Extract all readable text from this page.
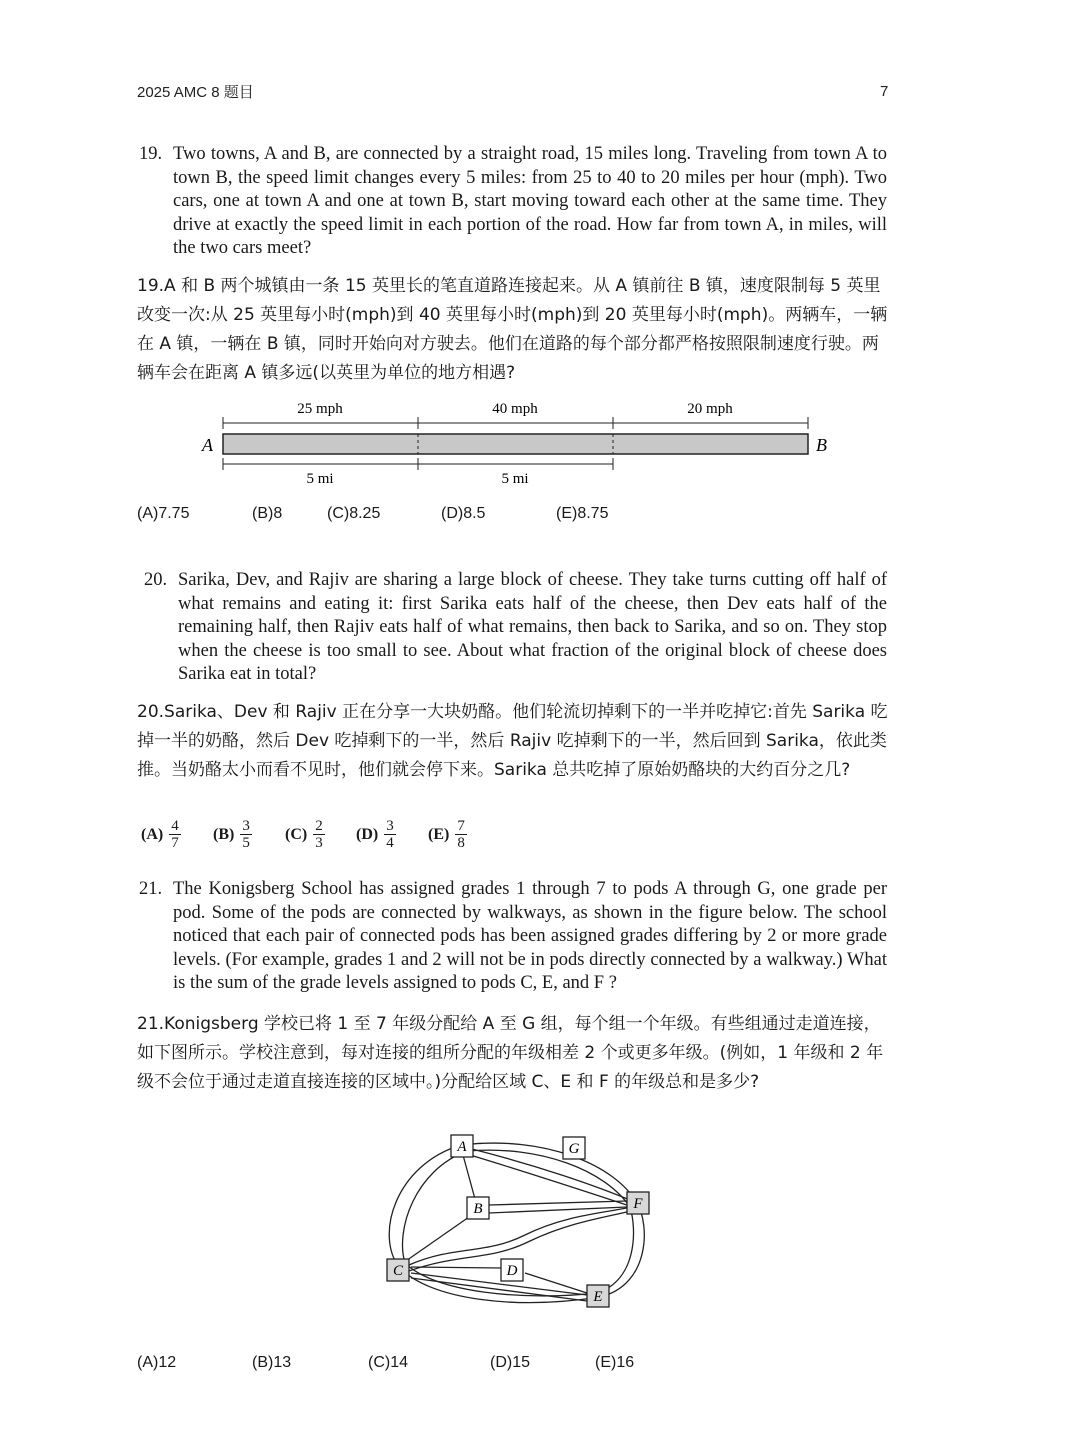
2025 AMC 8 题目	7
19. Two towns, A and B, are connected by a straight road, 15 miles long. Traveling from town A to town B, the speed limit changes every 5 miles: from 25 to 40 to 20 miles per hour (mph). Two cars, one at town A and one at town B, start moving toward each other at the same time. They drive at exactly the speed limit in each portion of the road. How far from town A, in miles, will the two cars meet?
19.A 和 B 两个城镇由一条 15 英里长的笔直道路连接起来。从 A 镇前往 B 镇，速度限制每 5 英里改变一次:从 25 英里每小时(mph)到 40 英里每小时(mph)到 20 英里每小时(mph)。两辆车，一辆在 A 镇，一辆在 B 镇，同时开始向对方驶去。他们在道路的每个部分都严格按照限制速度行驶。两辆车会在距离 A 镇多远(以英里为单位的地方相遇?
25 mph	40 mph	20 mph
A	B
5 mi	5 mi
(A)7.75	(B)8	(C)8.25	(D)8.5	(E)8.75
20. Sarika, Dev, and Rajiv are sharing a large block of cheese. They take turns cutting off half of what remains and eating it: first Sarika eats half of the cheese, then Dev eats half of the remaining half, then Rajiv eats half of what remains, then back to Sarika, and so on. They stop when the cheese is too small to see. About what fraction of the original block of cheese does Sarika eat in total?
20.Sarika、Dev 和 Rajiv 正在分享一大块奶酪。他们轮流切掉剩下的一半并吃掉它:首先 Sarika 吃掉一半的奶酪，然后 Dev 吃掉剩下的一半，然后 Rajiv 吃掉剩下的一半，然后回到 Sarika，依此类推。当奶酪太小而看不见时，他们就会停下来。Sarika 总共吃掉了原始奶酪块的大约百分之几?
$(A) \frac{4}{7} (B) \frac{3}{5} (C) \frac{2}{3} (D) \frac{3}{4} (E) \frac{7}{8}$
21. The Konigsberg School has assigned grades 1 through 7 to pods A through G, one grade per pod. Some of the pods are connected by walkways, as shown in the figure below. The school noticed that each pair of connected pods has been assigned grades differing by 2 or more grade levels. (For example, grades 1 and 2 will not be in pods directly connected by a walkway.) What is the sum of the grade levels assigned to pods C, E, and F ?
21.Konigsberg 学校已将 1 至 7 年级分配给 A 至 G 组，每个组一个年级。有些组通过走道连接，如下图所示。学校注意到，每对连接的组所分配的年级相差 2 个或更多年级。(例如，1 年级和 2 年级不会位于通过走道直接连接的区域中。)分配给区域 C、E 和 F 的年级总和是多少?
A	G
B	F
C	D
E
(A)12	(B)13	(C)14	(D)15	(E)16
